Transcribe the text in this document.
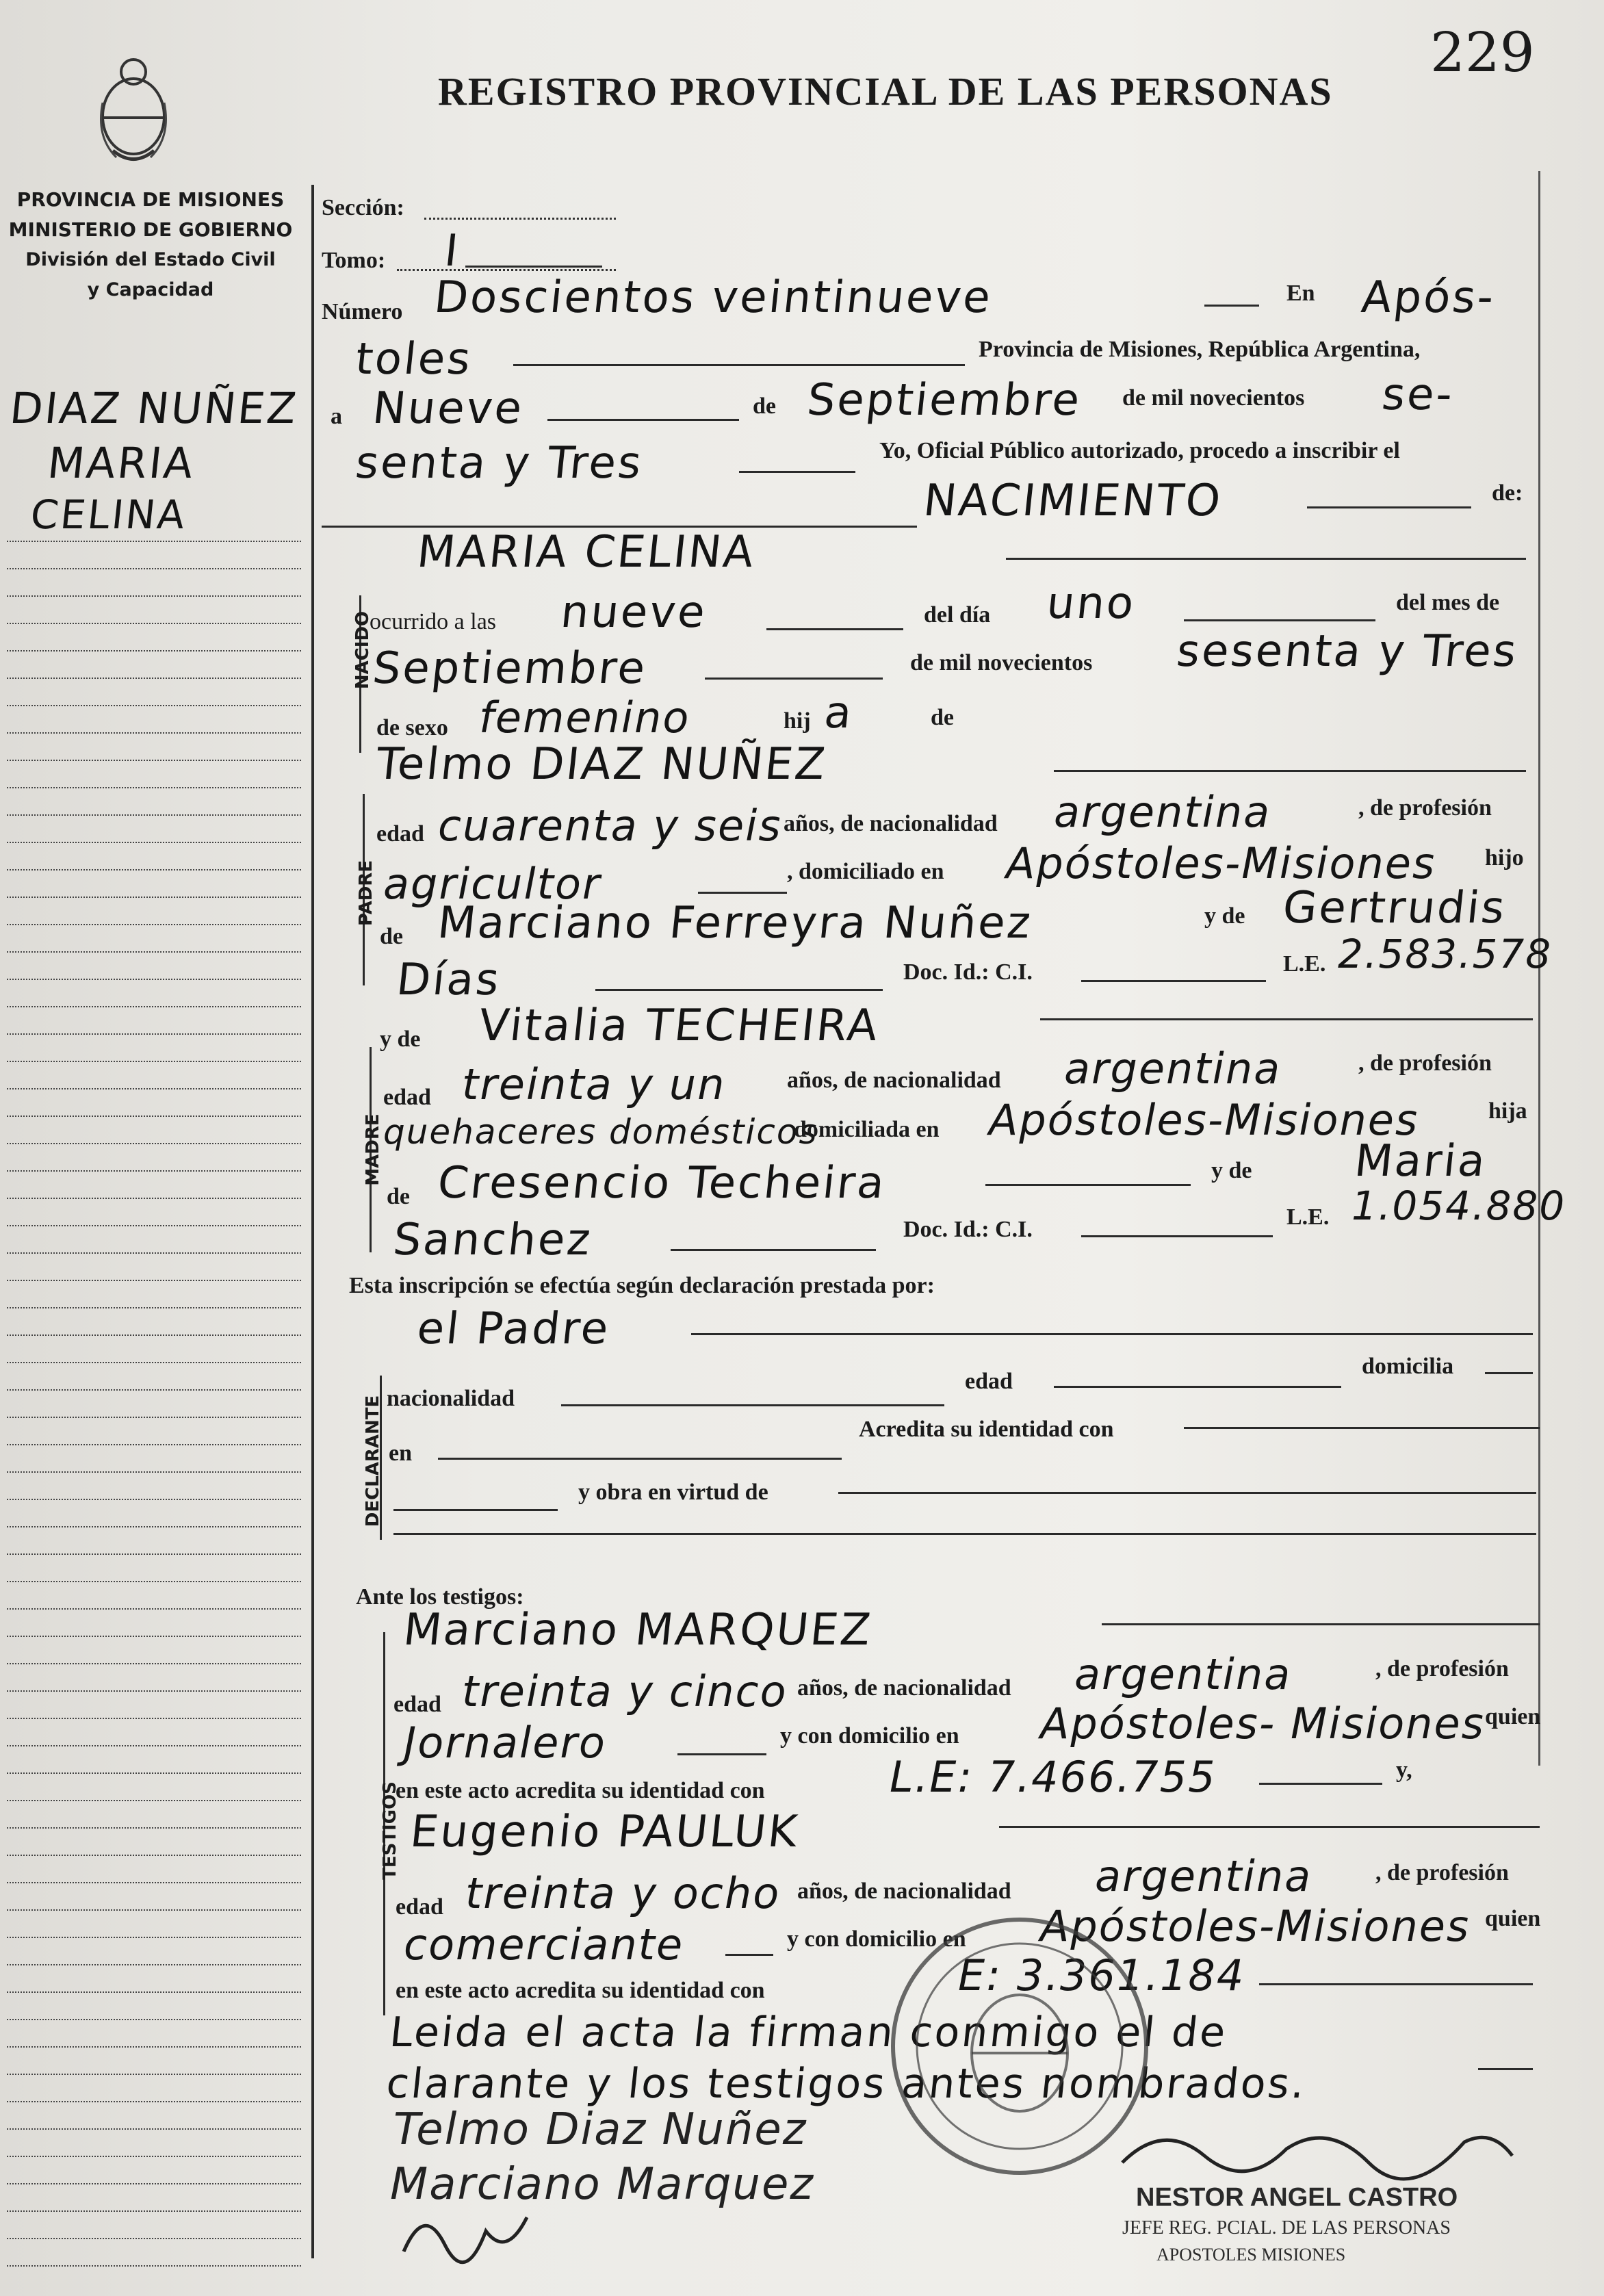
229
REGISTRO PROVINCIAL DE LAS PERSONAS
PROVINCIA DE MISIONES
MINISTERIO DE GOBIERNO
División del Estado Civil
y Capacidad
DIAZ NUÑEZ
MARIA
CELINA
Sección:
Tomo: I
Número Doscientos veintinueve	En Após-
toles	Provincia de Misiones, República Argentina,
a Nueve	de Septiembre de mil novecientos se-
senta y Tres	Yo, Oficial Público autorizado, procedo a inscribir el
NACIMIENTO	de:
NACIDO
MARIA CELINA
ocurrido a las nueve	del día uno	del mes de
Septiembre	de mil novecientos sesenta y Tres
de sexo femenino	hij a	de
PADRE
Telmo DIAZ NUÑEZ
edad cuarenta y seis años, de nacionalidad argentina	, de profesión
agricultor	, domiciliado en Apóstoles-Misiones hijo
de Marciano Ferreyra Nuñez	y de Gertrudis
Días	Doc. Id.: C.I.	L.E. 2.583.578
MADRE
y de Vitalia TECHEIRA
edad treinta y un	años, de nacionalidad argentina	, de profesión
quehaceres domésticos
domiciliada en Apóstoles-Misiones	hija
de Cresencio Techeira	y de Maria
Sanchez	Doc. Id.: C.I.	L.E. 1.054.880
Esta inscripción se efectúa según declaración prestada por:
el Padre
DECLARANTE nacionalidad
edad
domicilia
en
Acredita su identidad con
y obra en virtud de
Ante los testigos:
TESTIGOS
Marciano MARQUEZ
edad treinta y cinco años, de nacionalidad argentina	, de profesión
Jornalero	y con domicilio en Apóstoles- Misiones quien
en este acto acredita su identidad con	L.E: 7.466.755	y,
Eugenio PAULUK
edad treinta y ocho años, de nacionalidad argentina	, de profesión
comerciante	y con domicilio en Apóstoles-Misiones quien
en este acto acredita su identidad con	E: 3.361.184
Leida el acta la firman conmigo el de
clarante y los testigos antes nombrados.
Telmo Diaz Nuñez
Marciano Marquez	NESTOR ANGEL CASTRO
JEFE REG. PCIAL. DE LAS PERSONAS
APOSTOLES MISIONES
